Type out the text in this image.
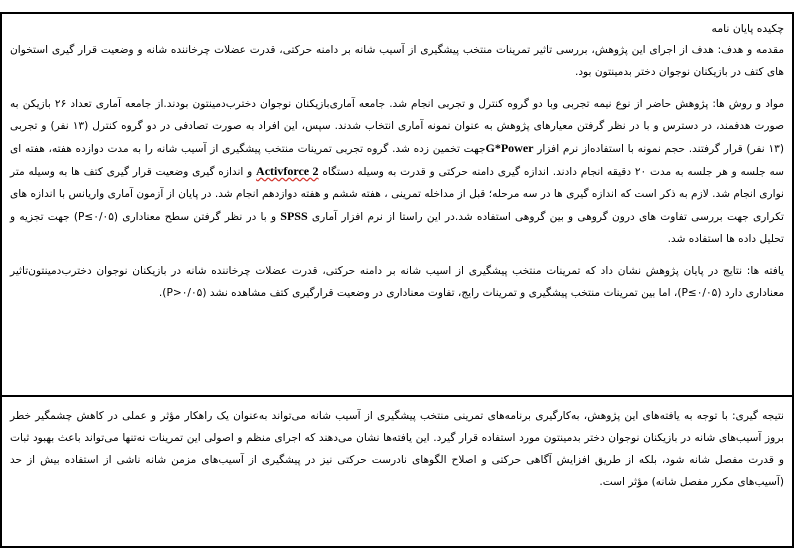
چکیده پایان نامه

مقدمه و هدف: هدف از اجرای این پژوهش، بررسی تاثیر تمرینات منتخب پیشگیری از آسیب شانه بر دامنه حرکتی، قدرت عضلات چرخاننده شانه و وضعیت قرار گیری استخوان های کتف در بازیکنان نوجوان دختر بدمینتون بود.

مواد و روش ها: پژوهش حاضر از نوع نیمه تجربی وبا دو گروه کنترل و تجربی انجام شد. جامعه آماری‌بازیکنان نوجوان دخترب‌دمینتون بودند.از جامعه آماری تعداد ۲۶ بازیکن به صورت هدفمند، در دسترس و با در نظر گرفتن معیارهای پژوهش به عنوان نمونه آماری انتخاب شدند. سپس، این افراد به صورت تصادفی در دو گروه کنترل (۱۳ نفر) و تجربی (۱۳ نفر) قرار گرفتند. حجم نمونه با استفاده‌از نرم افزار G*Powerجهت تخمین زده شد. گروه تجربی تمرینات منتخب پیشگیری از آسیب شانه را به مدت دوازده هفته، هفته ای سه جلسه و هر جلسه به مدت ۲۰ دقیقه انجام دادند. اندازه گیری دامنه حرکتی و قدرت به وسیله دستگاه Activforce 2 و اندازه گیری وضعیت قرار گیری کتف ها به وسیله متر نواری انجام شد. لازم به ذکر است که اندازه گیری ها در سه مرحله؛ قبل از مداخله تمرینی ، هفته ششم و هفته دوازدهم انجام شد. در پایان از آزمون آماری واریانس با اندازه های تکراری جهت بررسی تفاوت های درون گروهی و بین گروهی استفاده شد.در این راستا از نرم افزار آماری SPSS و با در نظر گرفتن سطح معناداری (P≤۰/۰۵) جهت تجزیه و تحلیل داده ها استفاده شد.

یافته ها: نتایج در پایان پژوهش نشان داد که تمرینات منتخب پیشگیری از اسیب شانه بر دامنه حرکتی، قدرت عضلات چرخاننده شانه در بازیکنان نوجوان دخترب‌دمینتون‌تاثیر معناداری دارد (P≤۰/۰۵)، اما بین تمرینات منتخب پیشگیری و تمرینات رایج، تفاوت معناداری در وضعیت قرارگیری کتف مشاهده نشد (P>۰/۰۵).

نتیجه گیری: با توجه به یافته‌های این پژوهش، به‌کارگیری برنامه‌های تمرینی منتخب پیشگیری از آسیب شانه می‌تواند به‌عنوان یک راهکار مؤثر و عملی در کاهش چشمگیر خطر بروز آسیب‌های شانه در بازیکنان نوجوان دختر بدمینتون مورد استفاده قرار گیرد. این یافته‌ها نشان می‌دهند که اجرای منظم و اصولی این تمرینات نه‌تنها می‌تواند باعث بهبود ثبات و قدرت مفصل شانه شود، بلکه از طریق افزایش آگاهی حرکتی و اصلاح الگوهای نادرست حرکتی نیز در پیشگیری از آسیب‌های مزمن شانه ناشی از استفاده بیش از حد (آسیب‌های مکرر مفصل شانه) مؤثر است.
